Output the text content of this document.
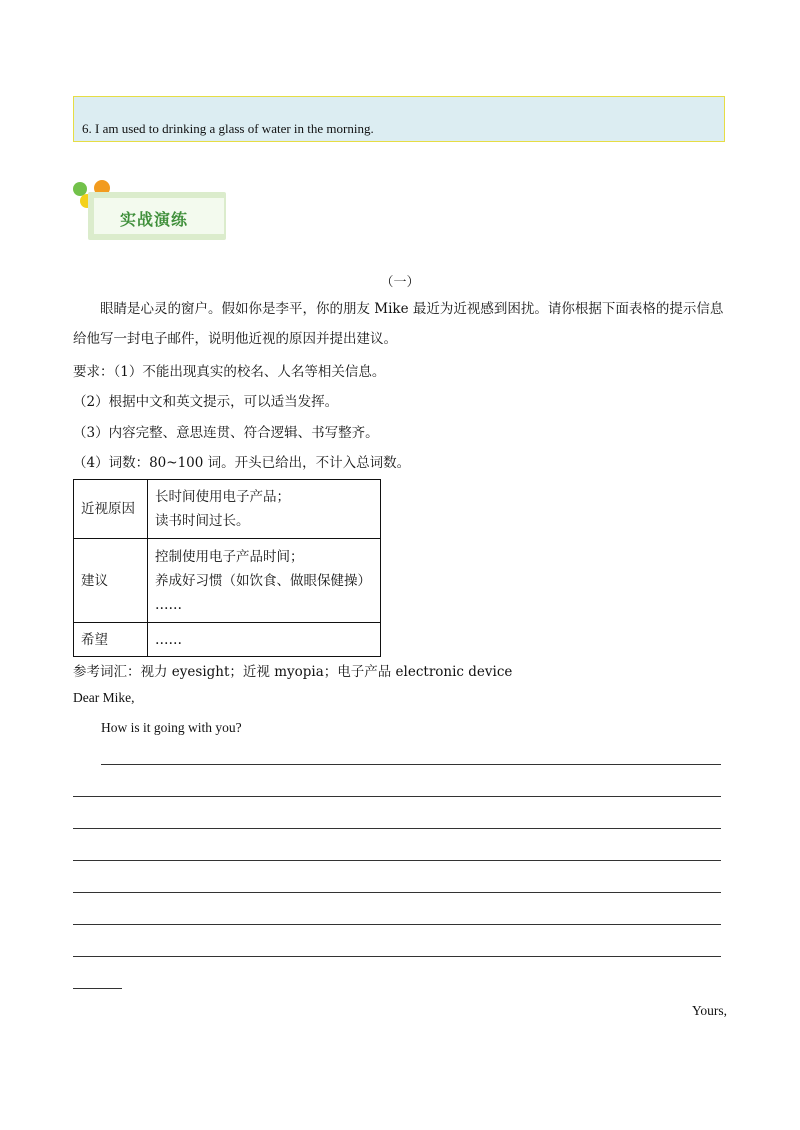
6. I am used to drinking a glass of water in the morning.
实战演练
（一）
眼睛是心灵的窗户。假如你是李平，你的朋友 Mike 最近为近视感到困扰。请你根据下面表格的提示信息给他写一封电子邮件，说明他近视的原因并提出建议。
要求：（1）不能出现真实的校名、人名等相关信息。
（2）根据中文和英文提示，可以适当发挥。
（3）内容完整、意思连贯、符合逻辑、书写整齐。
（4）词数：80~100 词。开头已给出，不计入总词数。
近视原因	长时间使用电子产品；
读书时间过长。

建议	控制使用电子产品时间；
养成好习惯（如饮食、做眼保健操）
……

希望	……
参考词汇：视力 eyesight；近视 myopia；电子产品 electronic device
Dear Mike,
How is it going with you?
Yours,
